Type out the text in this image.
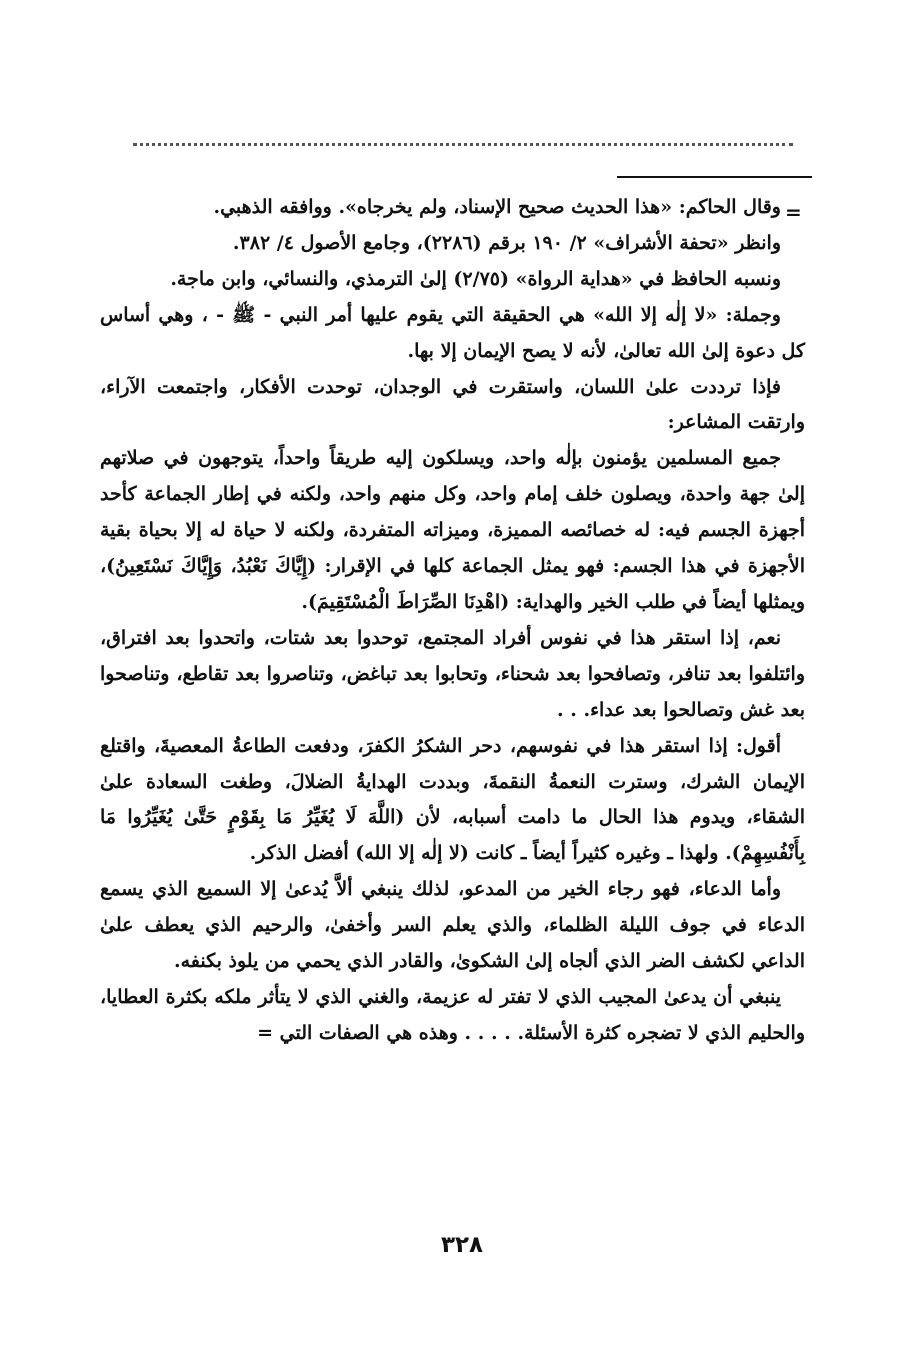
=

وقال الحاكم: «هذا الحديث صحيح الإسناد، ولم يخرجاه». ووافقه الذهبي.

وانظر «تحفة الأشراف» ٢/ ١٩٠ برقم (٢٢٨٦)، وجامع الأصول ٤/ ٣٨٢.

ونسبه الحافظ في «هداية الرواة» (٢/٧٥) إلىٰ الترمذي، والنسائي، وابن ماجة.

وجملة: «لا إلٰه إلا الله» هي الحقيقة التي يقوم عليها أمر النبي - ﷺ - ، وهي أساس كل دعوة إلىٰ الله تعالىٰ، لأنه لا يصح الإيمان إلا بها.

فإذا ترددت علىٰ اللسان، واستقرت في الوجدان، توحدت الأفكار، واجتمعت الآراء، وارتقت المشاعر:

جميع المسلمين يؤمنون بإلٰه واحد، ويسلكون إليه طريقاً واحداً، يتوجهون في صلاتهم إلىٰ جهة واحدة، ويصلون خلف إمام واحد، وكل منهم واحد، ولكنه في إطار الجماعة كأحد أجهزة الجسم فيه: له خصائصه المميزة، وميزاته المتفردة، ولكنه لا حياة له إلا بحياة بقية الأجهزة في هذا الجسم: فهو يمثل الجماعة كلها في الإقرار: (إِيَّاكَ نَعْبُدُ، وَإِيَّاكَ نَسْتَعِينُ)، ويمثلها أيضاً في طلب الخير والهداية: (اهْدِنَا الصِّرَاطَ الْمُسْتَقِيمَ).

نعم، إذا استقر هذا في نفوس أفراد المجتمع، توحدوا بعد شتات، واتحدوا بعد افتراق، وائتلفوا بعد تنافر، وتصافحوا بعد شحناء، وتحابوا بعد تباغض، وتناصروا بعد تقاطع، وتناصحوا بعد غش وتصالحوا بعد عداء. . .

أقول: إذا استقر هذا في نفوسهم، دحر الشكرُ الكفرَ، ودفعت الطاعةُ المعصيةَ، واقتلع الإيمان الشرك، وسترت النعمةُ النقمةَ، وبددت الهدايةُ الضلالَ، وطغت السعادة علىٰ الشقاء، ويدوم هذا الحال ما دامت أسبابه، لأن (اللَّهَ لَا يُغَيِّرُ مَا بِقَوْمٍ حَتَّىٰ يُغَيِّرُوا مَا بِأَنْفُسِهِمْ). ولهذا ـ وغيره كثيراً أيضاً ـ كانت (لا إلٰه إلا الله) أفضل الذكر.

وأما الدعاء، فهو رجاء الخير من المدعو، لذلك ينبغي ألاَّ يُدعىٰ إلا السميع الذي يسمع الدعاء في جوف الليلة الظلماء، والذي يعلم السر وأخفىٰ، والرحيم الذي يعطف علىٰ الداعي لكشف الضر الذي ألجاه إلىٰ الشكوىٰ، والقادر الذي يحمي من يلوذ بكنفه.

ينبغي أن يدعىٰ المجيب الذي لا تفتر له عزيمة، والغني الذي لا يتأثر ملكه بكثرة العطايا، والحليم الذي لا تضجره كثرة الأسئلة. . . . . وهذه هي الصفات التي =

٣٢٨
